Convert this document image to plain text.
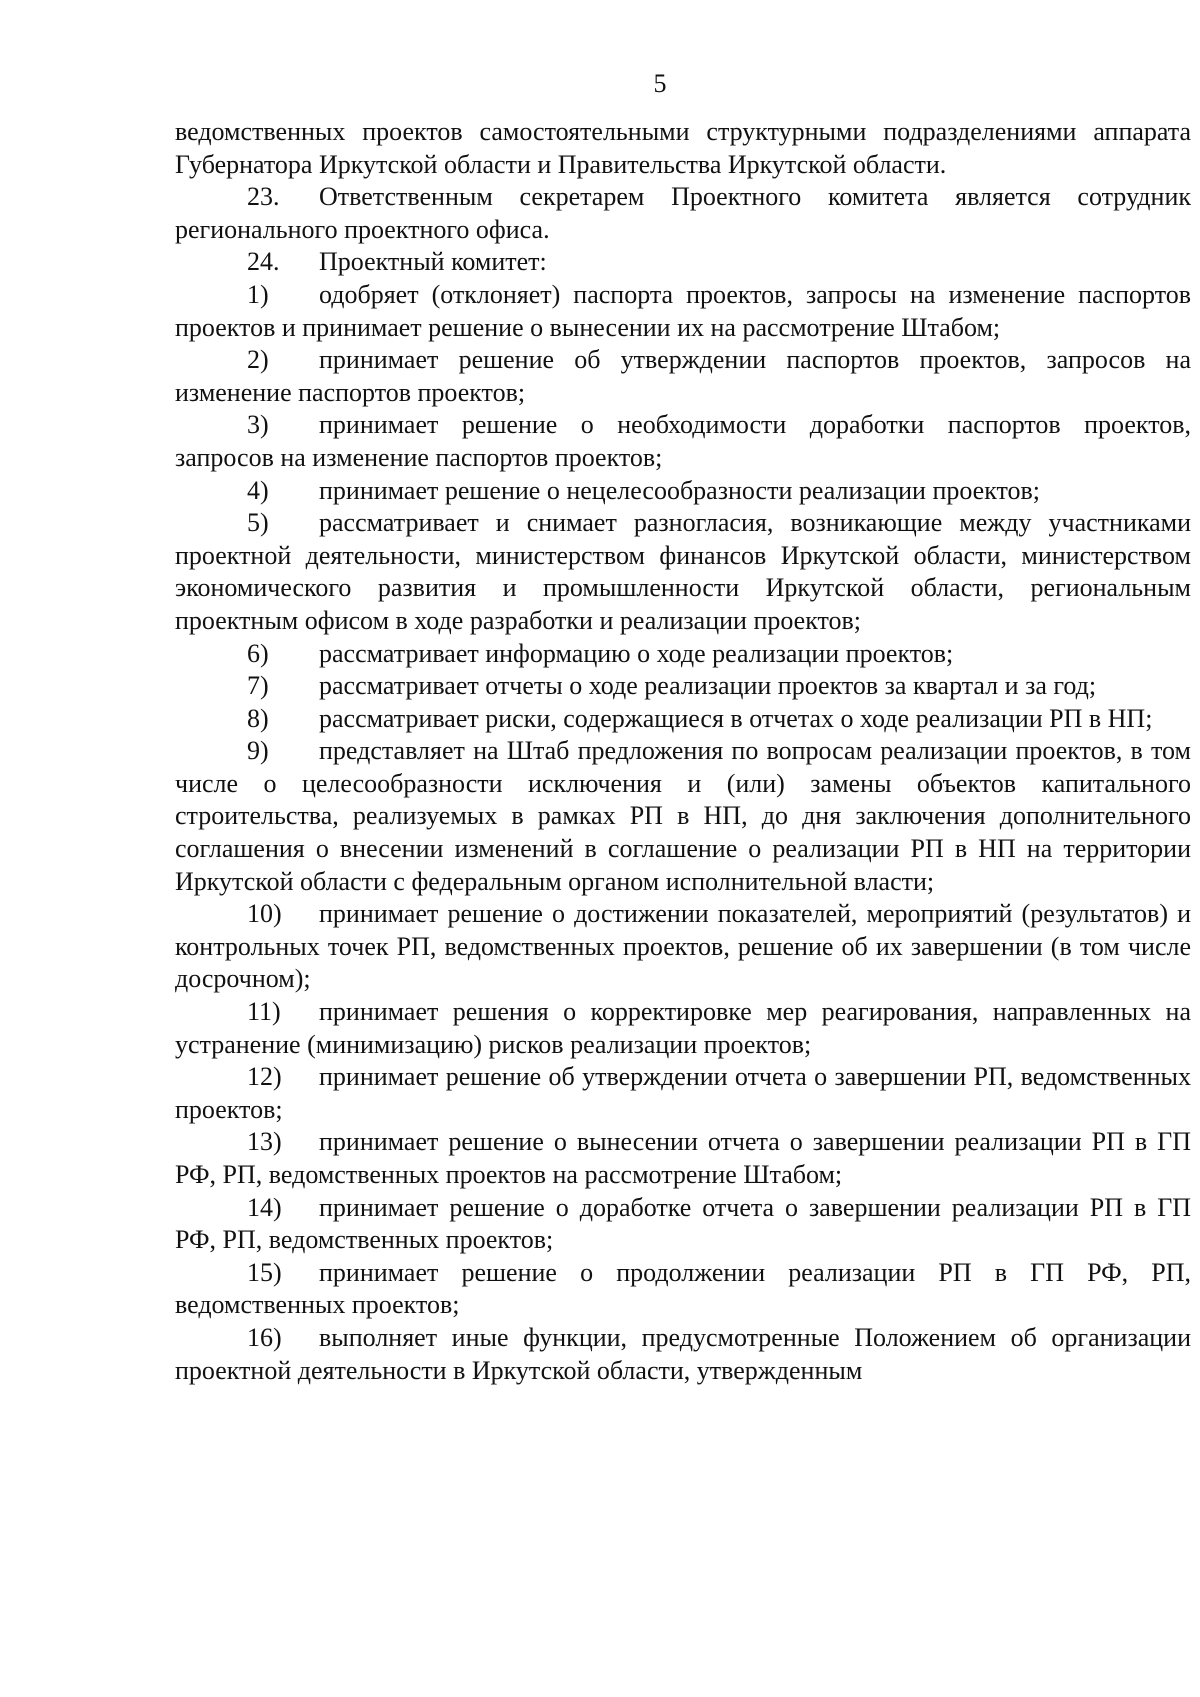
5

ведомственных проектов самостоятельными структурными подразделениями аппарата Губернатора Иркутской области и Правительства Иркутской области.

23. Ответственным секретарем Проектного комитета является сотрудник регионального проектного офиса.

24. Проектный комитет:

1) одобряет (отклоняет) паспорта проектов, запросы на изменение паспортов проектов и принимает решение о вынесении их на рассмотрение Штабом;

2) принимает решение об утверждении паспортов проектов, запросов на изменение паспортов проектов;

3) принимает решение о необходимости доработки паспортов проектов, запросов на изменение паспортов проектов;

4) принимает решение о нецелесообразности реализации проектов;

5) рассматривает и снимает разногласия, возникающие между участниками проектной деятельности, министерством финансов Иркутской области, министерством экономического развития и промышленности Иркутской области, региональным проектным офисом в ходе разработки и реализации проектов;

6) рассматривает информацию о ходе реализации проектов;

7) рассматривает отчеты о ходе реализации проектов за квартал и за год;

8) рассматривает риски, содержащиеся в отчетах о ходе реализации РП в НП;

9) представляет на Штаб предложения по вопросам реализации проектов, в том числе о целесообразности исключения и (или) замены объектов капитального строительства, реализуемых в рамках РП в НП, до дня заключения дополнительного соглашения о внесении изменений в соглашение о реализации РП в НП на территории Иркутской области с федеральным органом исполнительной власти;

10) принимает решение о достижении показателей, мероприятий (результатов) и контрольных точек РП, ведомственных проектов, решение об их завершении (в том числе досрочном);

11) принимает решения о корректировке мер реагирования, направленных на устранение (минимизацию) рисков реализации проектов;

12) принимает решение об утверждении отчета о завершении РП, ведомственных проектов;

13) принимает решение о вынесении отчета о завершении реализации РП в ГП РФ, РП, ведомственных проектов на рассмотрение Штабом;

14) принимает решение о доработке отчета о завершении реализации РП в ГП РФ, РП, ведомственных проектов;

15) принимает решение о продолжении реализации РП в ГП РФ, РП, ведомственных проектов;

16) выполняет иные функции, предусмотренные Положением об организации проектной деятельности в Иркутской области, утвержденным
